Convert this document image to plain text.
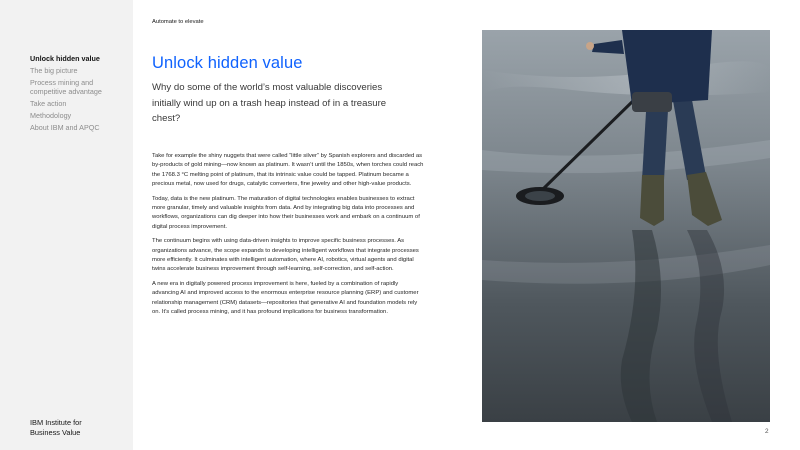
Unlock hidden value
The big picture
Process mining and competitive advantage
Take action
Methodology
About IBM and APQC
IBM Institute for
Business Value
Automate to elevate
Unlock hidden value

Why do some of the world’s most valuable discoveries initially wind up on a trash heap instead of in a treasure chest?

Take for example the shiny nuggets that were called “little silver” by Spanish explorers and discarded as by-products of gold mining—now known as platinum. It wasn’t until the 1850s, when torches could reach the 1768.3 °C melting point of platinum, that its intrinsic value could be tapped. Platinum became a precious metal, now used for drugs, catalytic converters, fine jewelry and other high-value products.

Today, data is the new platinum. The maturation of digital technologies enables businesses to extract more granular, timely and valuable insights from data. And by integrating big data into processes and workflows, organizations can dig deeper into how their businesses work and embark on a continuum of digital process improvement.

The continuum begins with using data-driven insights to improve specific business processes. As organizations advance, the scope expands to developing intelligent workflows that integrate processes more efficiently. It culminates with intelligent automation, where AI, robotics, virtual agents and digital twins accelerate business improvement through self-learning, self-correction, and self-action.

A new era in digitally powered process improvement is here, fueled by a combination of rapidly advancing AI and improved access to the enormous enterprise resource planning (ERP) and customer relationship management (CRM) datasets—repositories that generative AI and foundation models rely on. It’s called process mining, and it has profound implications for business transformation.

2
